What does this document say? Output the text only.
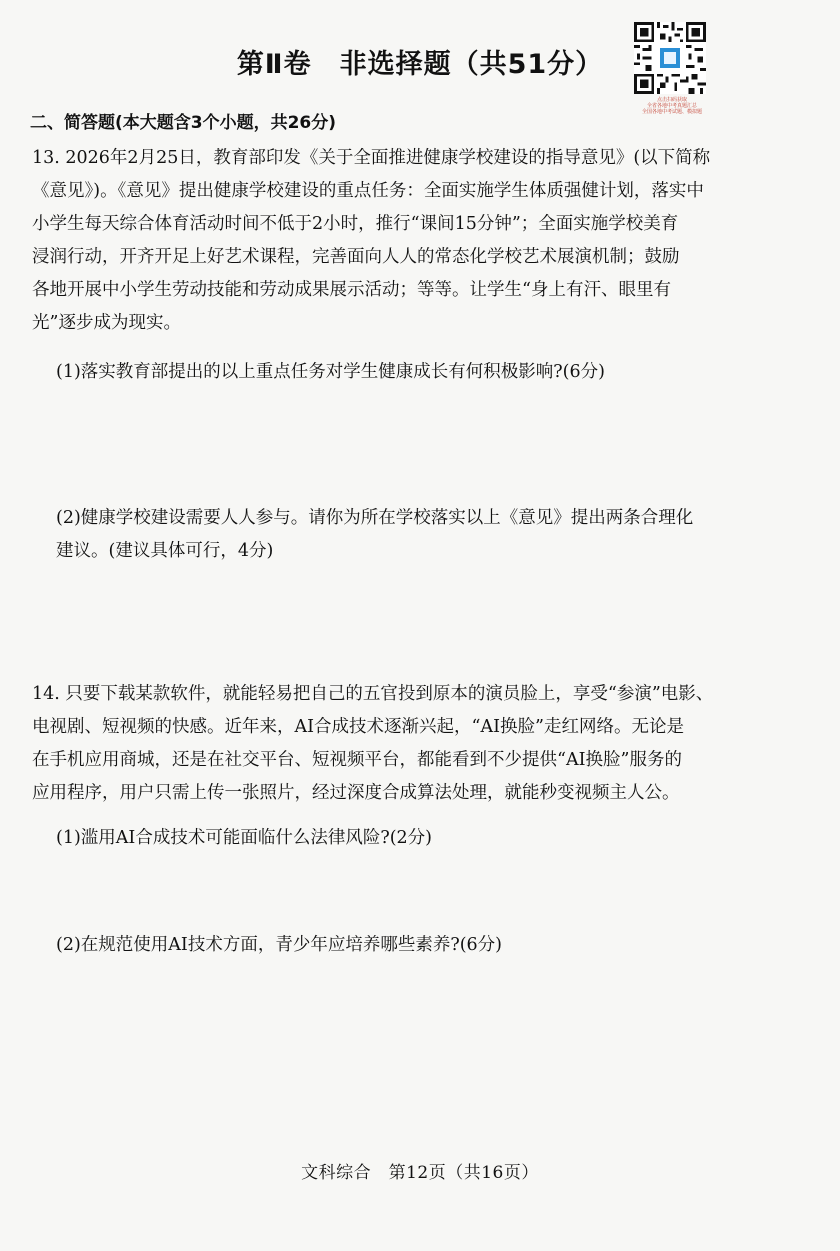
第Ⅱ卷　非选择题（共51分）
点击扫码获取
全省各地中考真题汇总
全国各地中考试题、模拟题
二、简答题(本大题含3个小题，共26分)
13. 2026年2月25日，教育部印发《关于全面推进健康学校建设的指导意见》(以下简称
《意见》)。《意见》提出健康学校建设的重点任务：全面实施学生体质强健计划，落实中
小学生每天综合体育活动时间不低于2小时，推行“课间15分钟”；全面实施学校美育
浸润行动，开齐开足上好艺术课程，完善面向人人的常态化学校艺术展演机制；鼓励
各地开展中小学生劳动技能和劳动成果展示活动；等等。让学生“身上有汗、眼里有
光”逐步成为现实。
(1)落实教育部提出的以上重点任务对学生健康成长有何积极影响?(6分)
(2)健康学校建设需要人人参与。请你为所在学校落实以上《意见》提出两条合理化
建议。(建议具体可行，4分)
14. 只要下载某款软件，就能轻易把自己的五官投到原本的演员脸上，享受“参演”电影、
电视剧、短视频的快感。近年来，AI合成技术逐渐兴起，“AI换脸”走红网络。无论是
在手机应用商城，还是在社交平台、短视频平台，都能看到不少提供“AI换脸”服务的
应用程序，用户只需上传一张照片，经过深度合成算法处理，就能秒变视频主人公。
(1)滥用AI合成技术可能面临什么法律风险?(2分)
(2)在规范使用AI技术方面，青少年应培养哪些素养?(6分)
文科综合　第12页（共16页）
